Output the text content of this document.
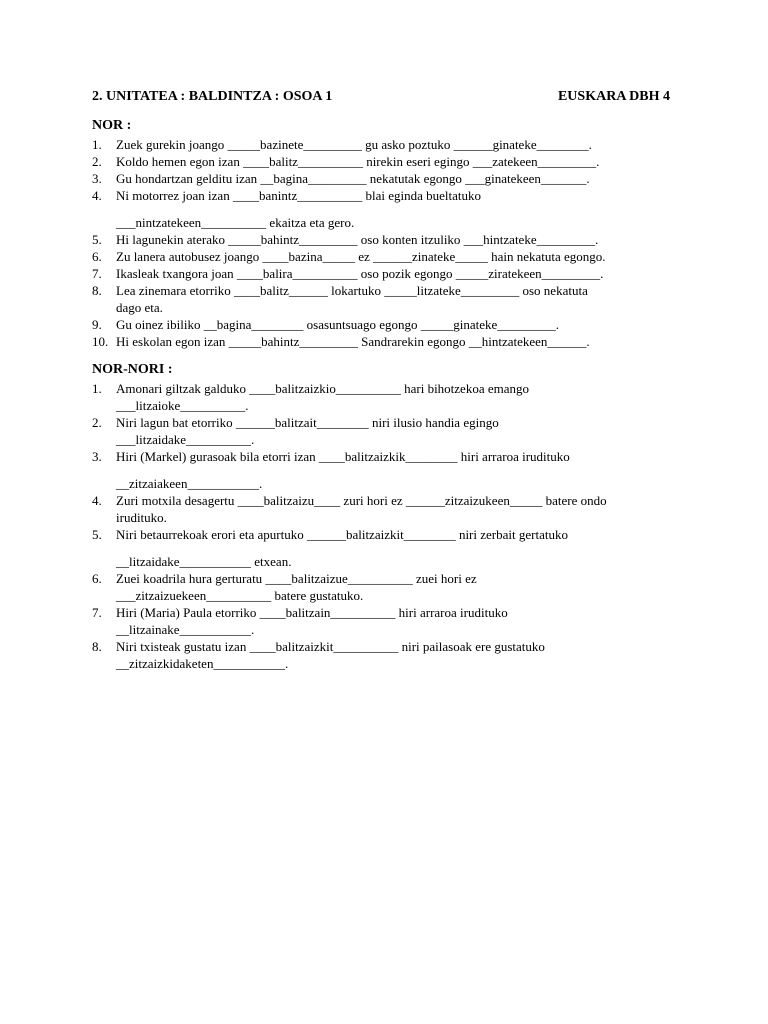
2. UNITATEA : BALDINTZA : OSOA 1	EUSKARA DBH 4
NOR :
1. Zuek gurekin joango _____bazinete_________ gu asko poztuko ______ginateke________.
2. Koldo hemen egon izan ____balitz__________ nirekin eseri egingo ___zatekeen_________.
3. Gu hondartzan gelditu izan __bagina_________ nekatutak egongo ___ginatekeen_______.
4. Ni motorrez joan izan ____banintz__________ blai eginda bueltatuko
___nintzatekeen__________ ekaitza eta gero.
5. Hi lagunekin aterako _____bahintz_________ oso konten itzuliko ___hintzateke_________.
6. Zu lanera autobusez joango ____bazina_____ ez ______zinateke_____ hain nekatuta egongo.
7. Ikasleak txangora joan ____balira__________ oso pozik egongo _____ziratekeen_________.
8. Lea zinemara etorriko ____balitz______ lokartuko _____litzateke_________ oso nekatuta
dago eta.
9. Gu oinez ibiliko __bagina________ osasuntsuago egongo _____ginateke_________.
10. Hi eskolan egon izan _____bahintz_________ Sandrarekin egongo __hintzatekeen______.
NOR-NORI :
1. Amonari giltzak galduko ____balitzaizkio__________ hari bihotzekoa emango
___litzaioke__________.
2. Niri lagun bat etorriko ______balitzait________ niri ilusio handia egingo
___litzaidake__________.
3. Hiri (Markel) gurasoak bila etorri izan ____balitzaizkik________ hiri arraroa irudituko
__zitzaiakeen___________.
4. Zuri motxila desagertu ____balitzaizu____ zuri hori ez ______zitzaizukeen_____ batere ondo
irudituko.
5. Niri betaurrekoak erori eta apurtuko ______balitzaizkit________ niri zerbait gertatuko
__litzaidake___________ etxean.
6. Zuei koadrila hura gerturatu ____balitzaizue__________ zuei hori ez
___zitzaizuekeen__________ batere gustatuko.
7. Hiri (Maria) Paula etorriko ____balitzain__________ hiri arraroa irudituko
__litzainake___________.
8. Niri txisteak gustatu izan ____balitzaizkit__________ niri pailasoak ere gustatuko
__zitzaizkidaketen___________.
